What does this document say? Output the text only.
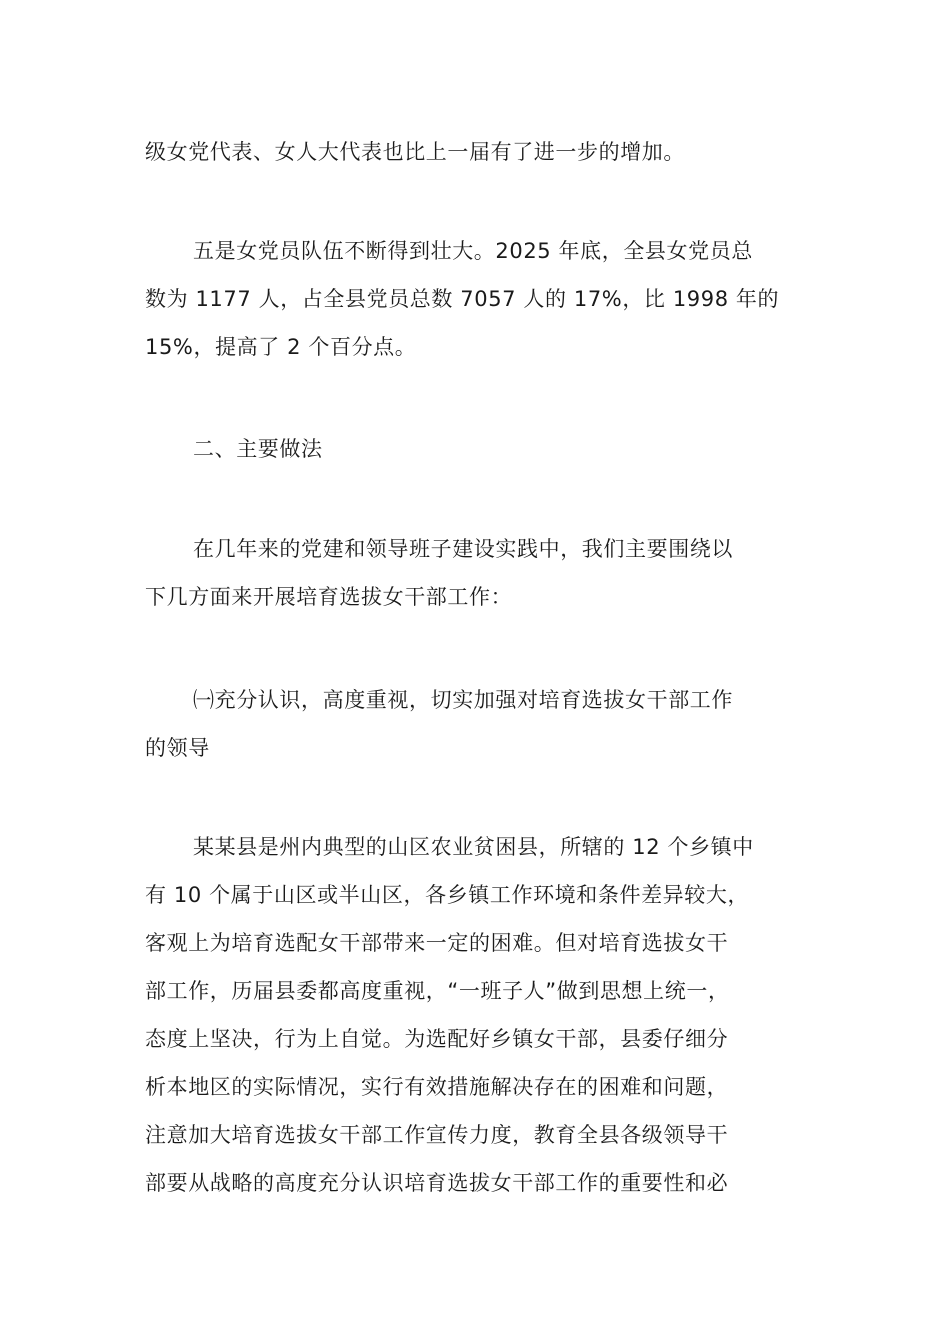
级女党代表、女人大代表也比上一届有了进一步的增加。

五是女党员队伍不断得到壮大。2025 年底，全县女党员总
数为 1177 人，占全县党员总数 7057 人的 17%，比 1998 年的
15%，提高了 2 个百分点。

二、主要做法

在几年来的党建和领导班子建设实践中，我们主要围绕以
下几方面来开展培育选拔女干部工作：

㈠充分认识，高度重视，切实加强对培育选拔女干部工作
的领导

某某县是州内典型的山区农业贫困县，所辖的 12 个乡镇中
有 10 个属于山区或半山区，各乡镇工作环境和条件差异较大，
客观上为培育选配女干部带来一定的困难。但对培育选拔女干
部工作，历届县委都高度重视，“一班子人”做到思想上统一，
态度上坚决，行为上自觉。为选配好乡镇女干部，县委仔细分
析本地区的实际情况，实行有效措施解决存在的困难和问题，
注意加大培育选拔女干部工作宣传力度，教育全县各级领导干
部要从战略的高度充分认识培育选拔女干部工作的重要性和必
